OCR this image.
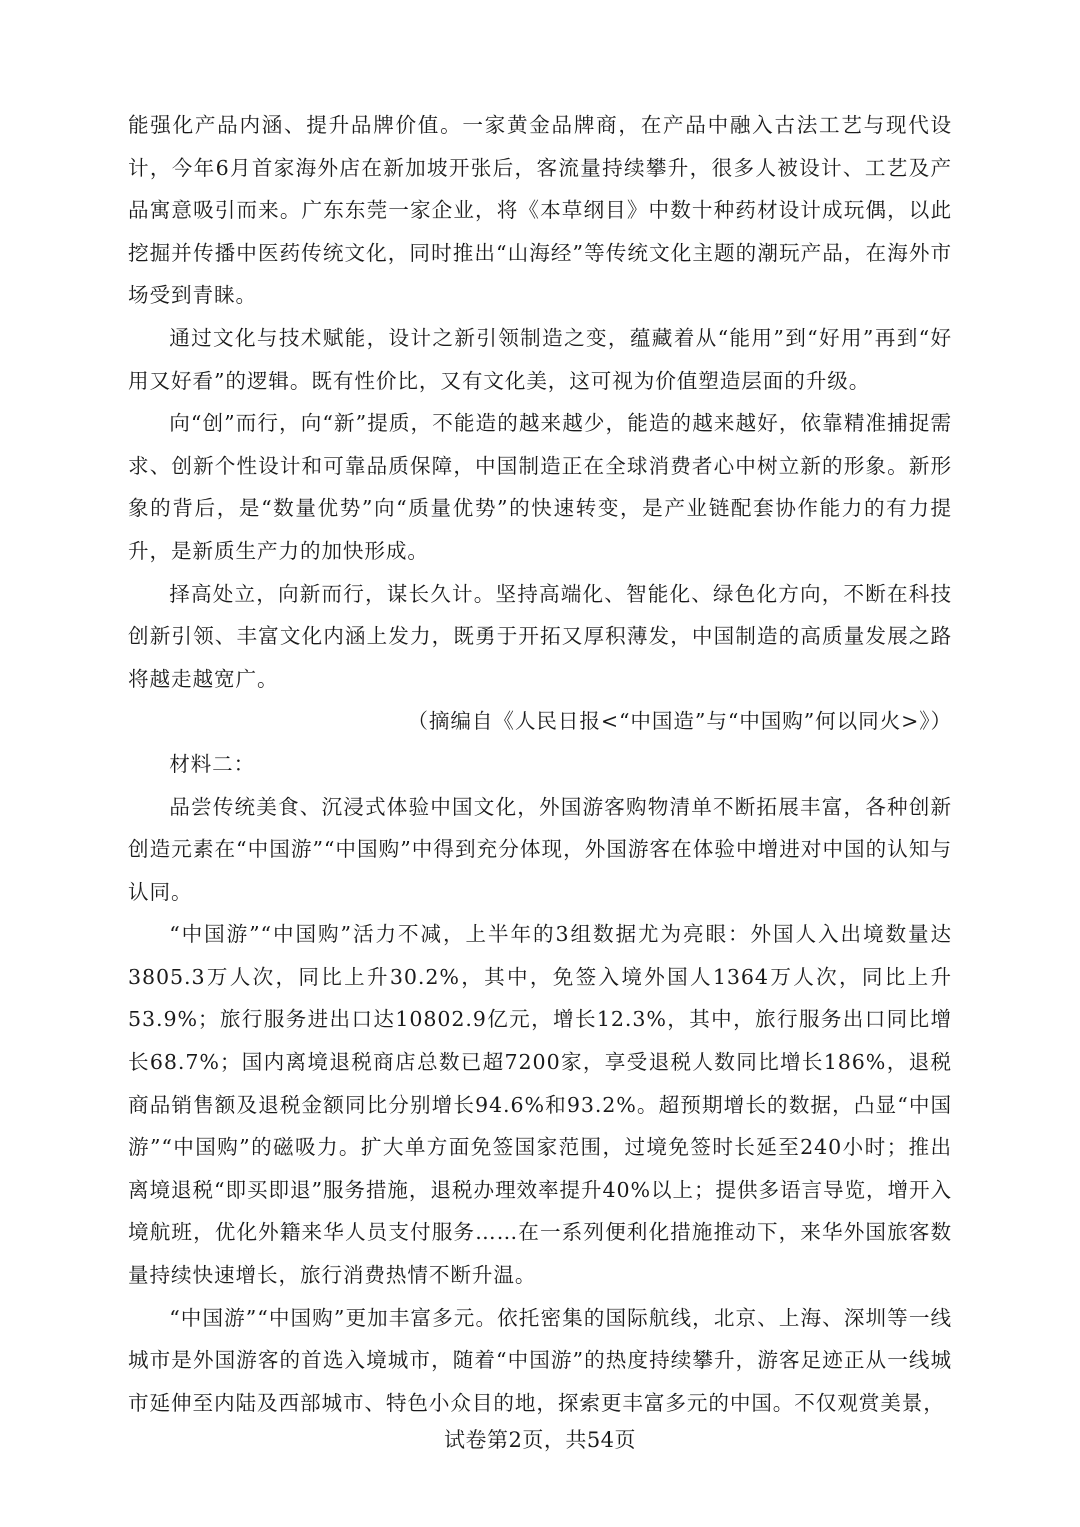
能强化产品内涵、提升品牌价值。一家黄金品牌商，在产品中融入古法工艺与现代设计，今年6月首家海外店在新加坡开张后，客流量持续攀升，很多人被设计、工艺及产品寓意吸引而来。广东东莞一家企业，将《本草纲目》中数十种药材设计成玩偶，以此挖掘并传播中医药传统文化，同时推出“山海经”等传统文化主题的潮玩产品，在海外市场受到青睐。

通过文化与技术赋能，设计之新引领制造之变，蕴藏着从“能用”到“好用”再到“好用又好看”的逻辑。既有性价比，又有文化美，这可视为价值塑造层面的升级。

向“创”而行，向“新”提质，不能造的越来越少，能造的越来越好，依靠精准捕捉需求、创新个性设计和可靠品质保障，中国制造正在全球消费者心中树立新的形象。新形象的背后，是“数量优势”向“质量优势”的快速转变，是产业链配套协作能力的有力提升，是新质生产力的加快形成。

择高处立，向新而行，谋长久计。坚持高端化、智能化、绿色化方向，不断在科技创新引领、丰富文化内涵上发力，既勇于开拓又厚积薄发，中国制造的高质量发展之路将越走越宽广。

（摘编自《人民日报<“中国造”与“中国购”何以同火>》）

材料二：

品尝传统美食、沉浸式体验中国文化，外国游客购物清单不断拓展丰富，各种创新创造元素在“中国游”“中国购”中得到充分体现，外国游客在体验中增进对中国的认知与认同。

“中国游”“中国购”活力不减，上半年的3组数据尤为亮眼：外国人入出境数量达3805.3万人次，同比上升30.2%，其中，免签入境外国人1364万人次，同比上升53.9%；旅行服务进出口达10802.9亿元，增长12.3%，其中，旅行服务出口同比增长68.7%；国内离境退税商店总数已超7200家，享受退税人数同比增长186%，退税商品销售额及退税金额同比分别增长94.6%和93.2%。超预期增长的数据，凸显“中国游”“中国购”的磁吸力。扩大单方面免签国家范围，过境免签时长延至240小时；推出离境退税“即买即退”服务措施，退税办理效率提升40%以上；提供多语言导览，增开入境航班，优化外籍来华人员支付服务……在一系列便利化措施推动下，来华外国旅客数量持续快速增长，旅行消费热情不断升温。

“中国游”“中国购”更加丰富多元。依托密集的国际航线，北京、上海、深圳等一线城市是外国游客的首选入境城市，随着“中国游”的热度持续攀升，游客足迹正从一线城市延伸至内陆及西部城市、特色小众目的地，探索更丰富多元的中国。不仅观赏美景，

试卷第2页，共54页
